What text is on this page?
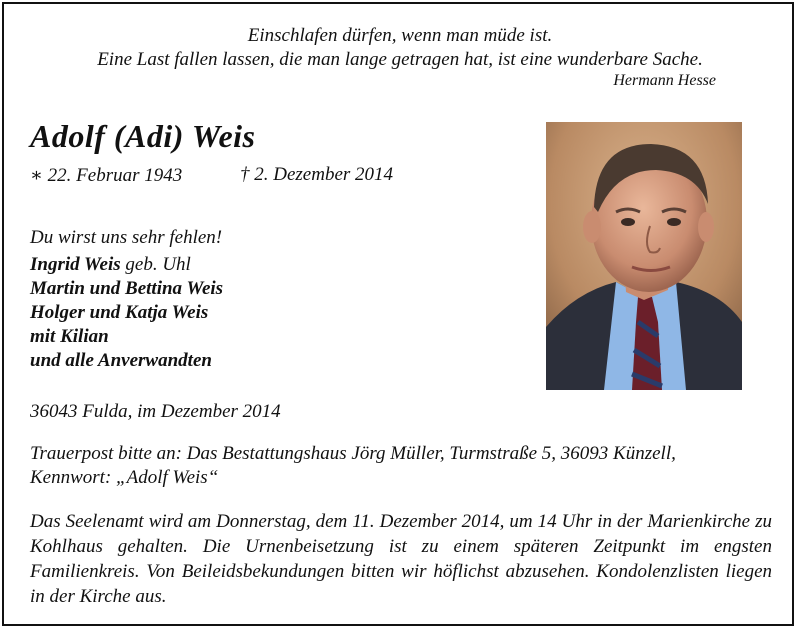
Einschlafen dürfen, wenn man müde ist.
Eine Last fallen lassen, die man lange getragen hat, ist eine wunderbare Sache.
Hermann Hesse
Adolf (Adi) Weis
∗ 22. Februar 1943	† 2. Dezember 2014
Du wirst uns sehr fehlen!
Ingrid Weis geb. Uhl
Martin und Bettina Weis
Holger und Katja Weis
mit Kilian
und alle Anverwandten
36043 Fulda, im Dezember 2014
Trauerpost bitte an: Das Bestattungshaus Jörg Müller, Turmstraße 5, 36093 Künzell,
Kennwort: „Adolf Weis“
Das Seelenamt wird am Donnerstag, dem 11. Dezember 2014, um 14 Uhr in der Marienkirche zu Kohlhaus gehalten. Die Urnenbeisetzung ist zu einem späteren Zeitpunkt im engsten Familienkreis. Von Beileidsbekundungen bitten wir höflichst abzusehen. Kondolenzlisten liegen in der Kirche aus.
